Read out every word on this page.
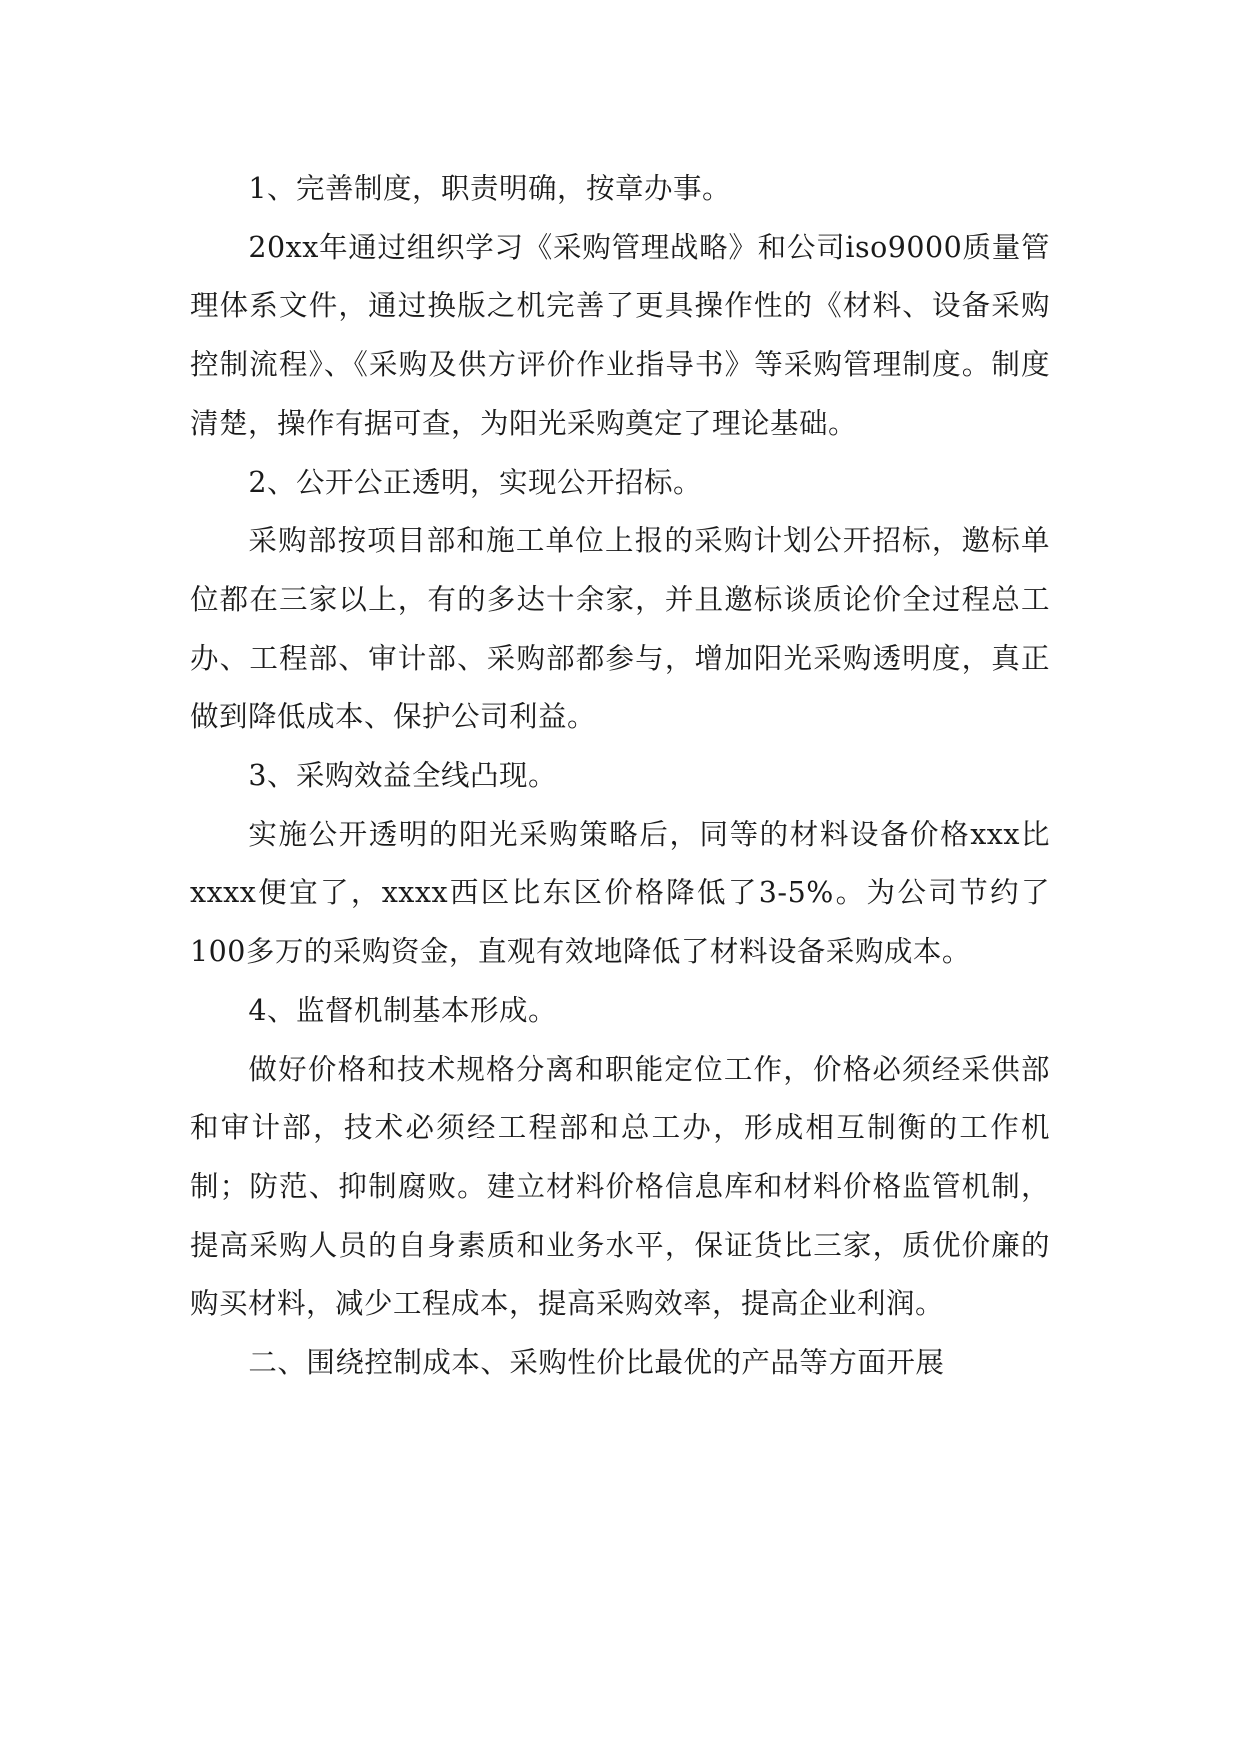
1、完善制度，职责明确，按章办事。

20xx年通过组织学习《采购管理战略》和公司iso9000质量管理体系文件，通过换版之机完善了更具操作性的《材料、设备采购控制流程》、《采购及供方评价作业指导书》等采购管理制度。制度清楚，操作有据可查，为阳光采购奠定了理论基础。

2、公开公正透明，实现公开招标。

采购部按项目部和施工单位上报的采购计划公开招标，邀标单位都在三家以上，有的多达十余家，并且邀标谈质论价全过程总工办、工程部、审计部、采购部都参与，增加阳光采购透明度，真正做到降低成本、保护公司利益。

3、采购效益全线凸现。

实施公开透明的阳光采购策略后，同等的材料设备价格xxx比xxxx便宜了，xxxx西区比东区价格降低了3-5%。为公司节约了100多万的采购资金，直观有效地降低了材料设备采购成本。

4、监督机制基本形成。

做好价格和技术规格分离和职能定位工作，价格必须经采供部和审计部，技术必须经工程部和总工办，形成相互制衡的工作机制；防范、抑制腐败。建立材料价格信息库和材料价格监管机制，提高采购人员的自身素质和业务水平，保证货比三家，质优价廉的购买材料，减少工程成本，提高采购效率，提高企业利润。

二、围绕控制成本、采购性价比最优的产品等方面开展
